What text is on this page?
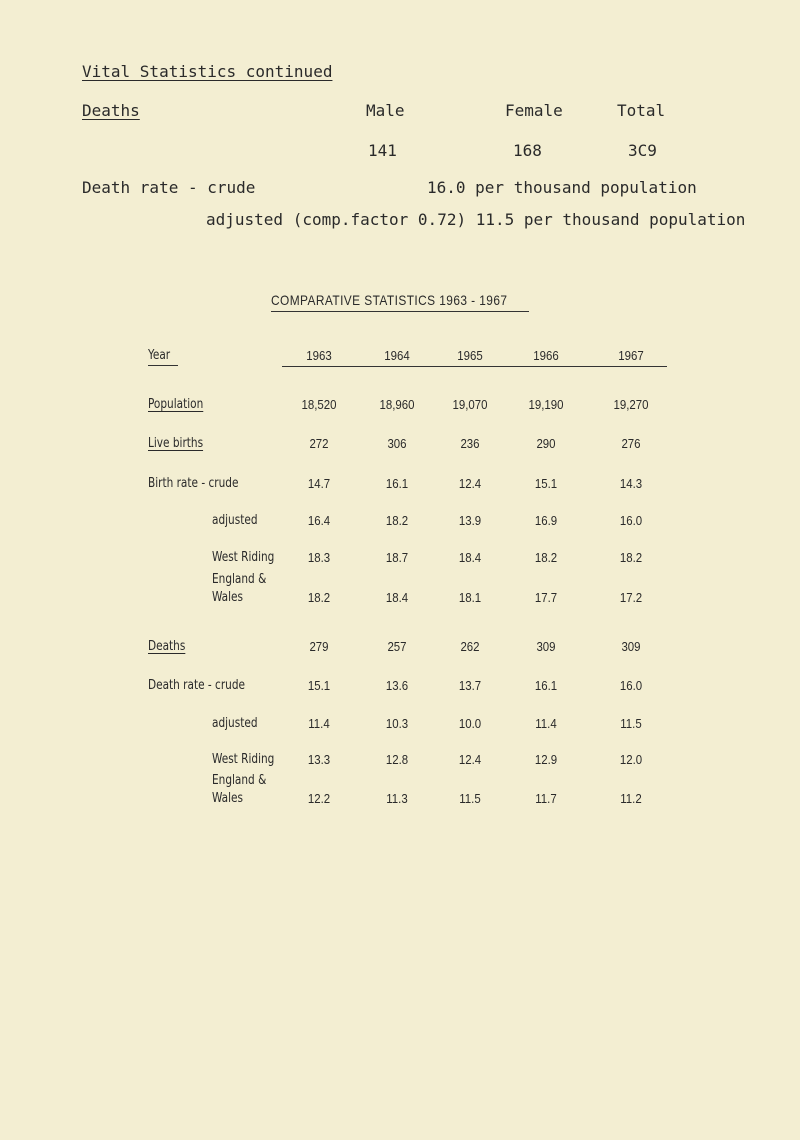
Vital Statistics continued
Deaths	Male	Female	Total
141	168	3C9
Death rate - crude	16.0 per thousand population
adjusted (comp.factor 0.72) 11.5 per thousand population
COMPARATIVE STATISTICS 1963 - 1967
Year	1963	1964	1965	1966	1967
Population	18,520	18,960	19,070	19,190	19,270
Live births	272	306	236	290	276
Birth rate - crude	14.7	16.1	12.4	15.1	14.3
adjusted	16.4	18.2	13.9	16.9	16.0
West Riding	18.3	18.7	18.4	18.2	18.2
England &
Wales	18.2	18.4	18.1	17.7	17.2
Deaths	279	257	262	309	309
Death rate - crude	15.1	13.6	13.7	16.1	16.0
adjusted	11.4	10.3	10.0	11.4	11.5
West Riding	13.3	12.8	12.4	12.9	12.0
England &
Wales	12.2	11.3	11.5	11.7	11.2
